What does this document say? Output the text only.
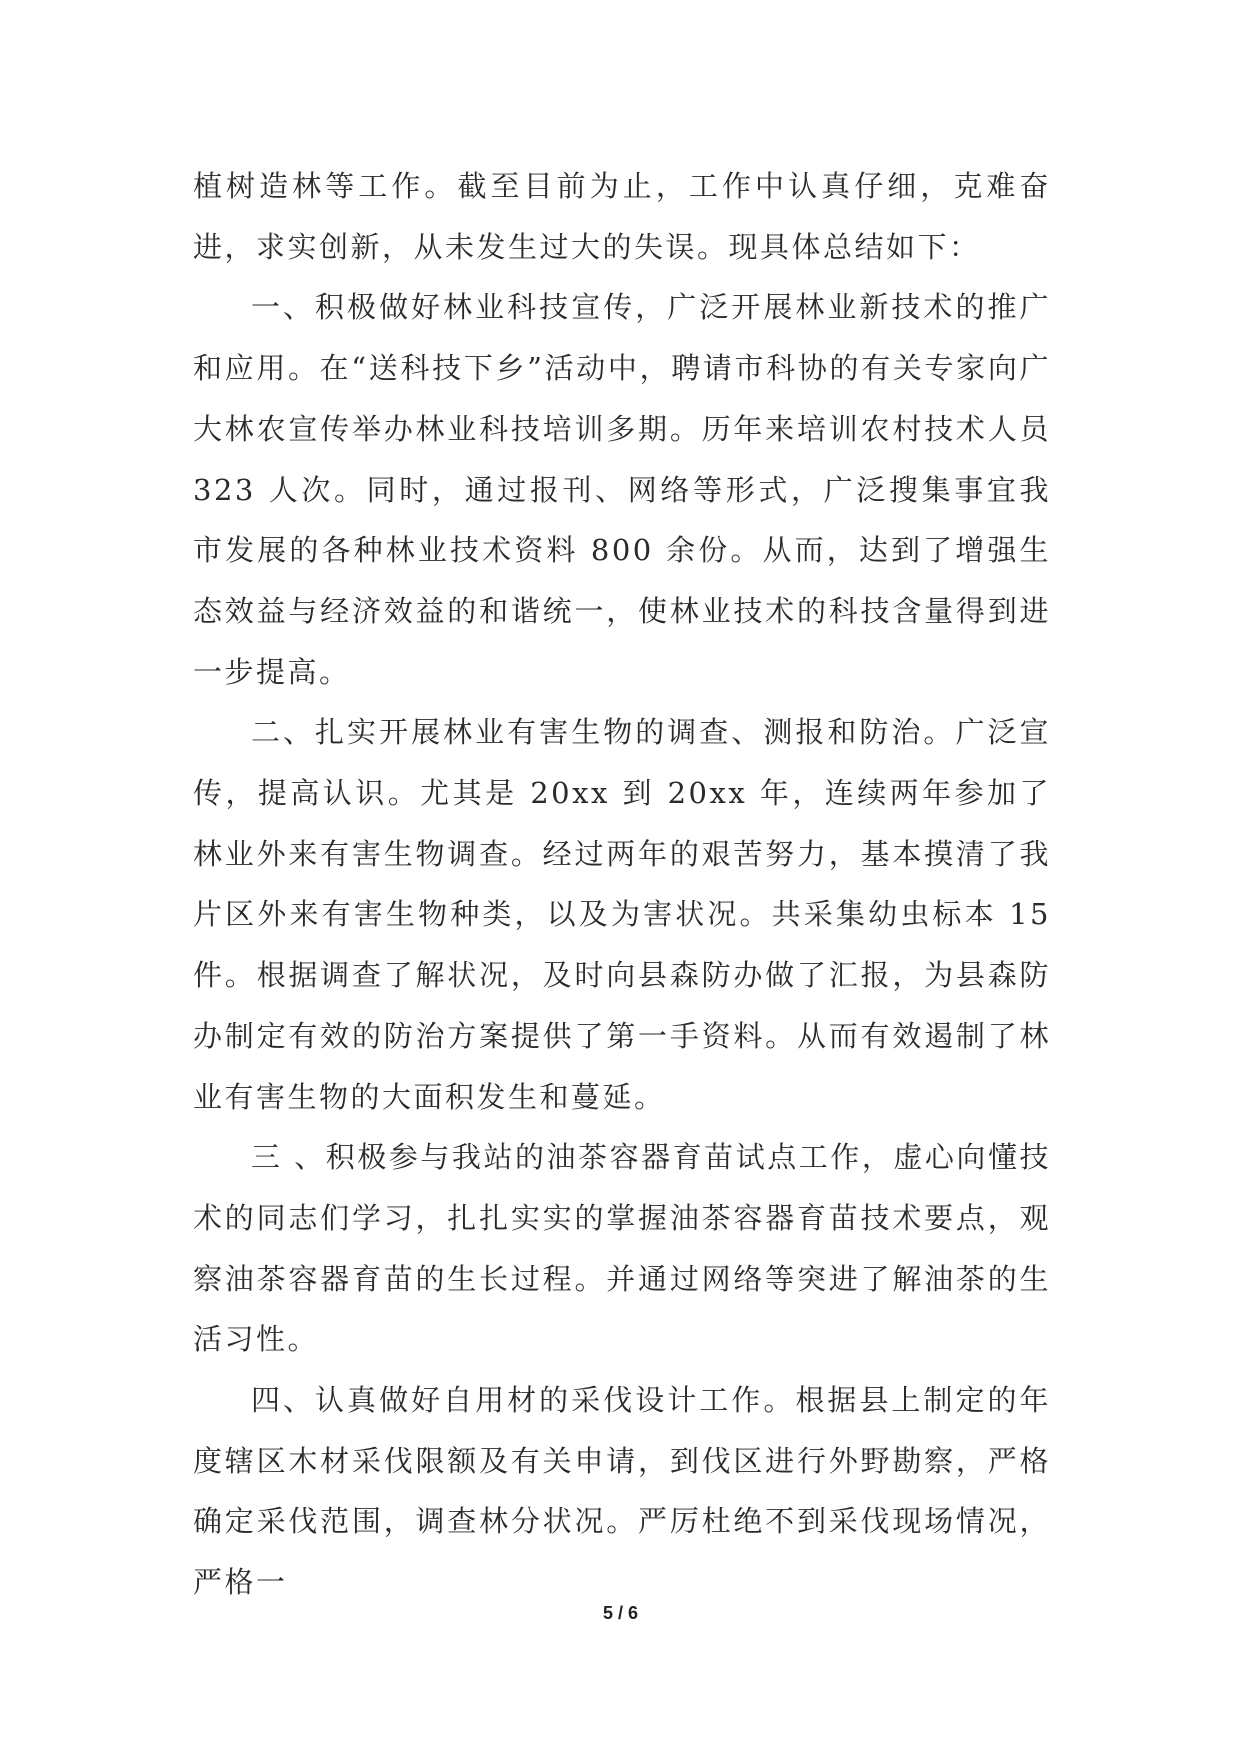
植树造林等工作。截至目前为止，工作中认真仔细，克难奋进，求实创新，从未发生过大的失误。现具体总结如下：

一、积极做好林业科技宣传，广泛开展林业新技术的推广和应用。在“送科技下乡”活动中，聘请市科协的有关专家向广大林农宣传举办林业科技培训多期。历年来培训农村技术人员 323 人次。同时，通过报刊、网络等形式，广泛搜集事宜我市发展的各种林业技术资料 800 余份。从而，达到了增强生态效益与经济效益的和谐统一，使林业技术的科技含量得到进一步提高。

二、扎实开展林业有害生物的调查、测报和防治。广泛宣传，提高认识。尤其是 20xx 到 20xx 年，连续两年参加了林业外来有害生物调查。经过两年的艰苦努力，基本摸清了我片区外来有害生物种类，以及为害状况。共采集幼虫标本 15 件。根据调查了解状况，及时向县森防办做了汇报，为县森防办制定有效的防治方案提供了第一手资料。从而有效遏制了林业有害生物的大面积发生和蔓延。

三 、积极参与我站的油茶容器育苗试点工作，虚心向懂技术的同志们学习，扎扎实实的掌握油茶容器育苗技术要点，观察油茶容器育苗的生长过程。并通过网络等突进了解油茶的生活习性。

四、认真做好自用材的采伐设计工作。根据县上制定的年度辖区木材采伐限额及有关申请，到伐区进行外野勘察，严格确定采伐范围，调查林分状况。严厉杜绝不到采伐现场情况，严格一

5 / 6
